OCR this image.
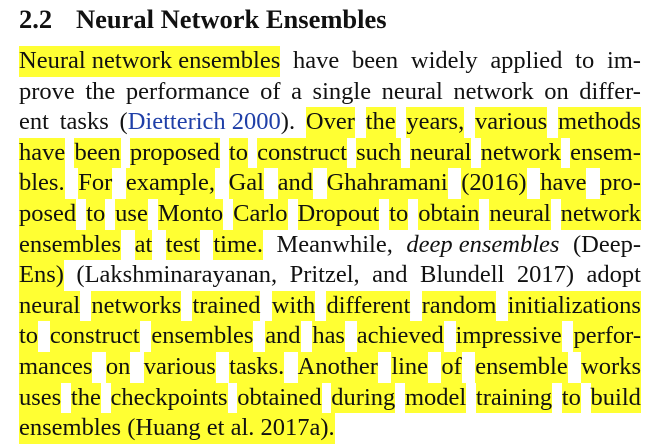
2.2 Neural Network Ensembles
Neural network ensembles have been widely applied to im-
prove the performance of a single neural network on differ-
ent tasks (Dietterich 2000). Over the years, various methods
have been proposed to construct such neural network ensem-
bles. For example, Gal and Ghahramani (2016) have pro-
posed to use Monto Carlo Dropout to obtain neural network
ensembles at test time. Meanwhile, deep ensembles (Deep-
Ens) (Lakshminarayanan, Pritzel, and Blundell 2017) adopt
neural networks trained with different random initializations
to construct ensembles and has achieved impressive perfor-
mances on various tasks. Another line of ensemble works
uses the checkpoints obtained during model training to build
ensembles (Huang et al. 2017a).
